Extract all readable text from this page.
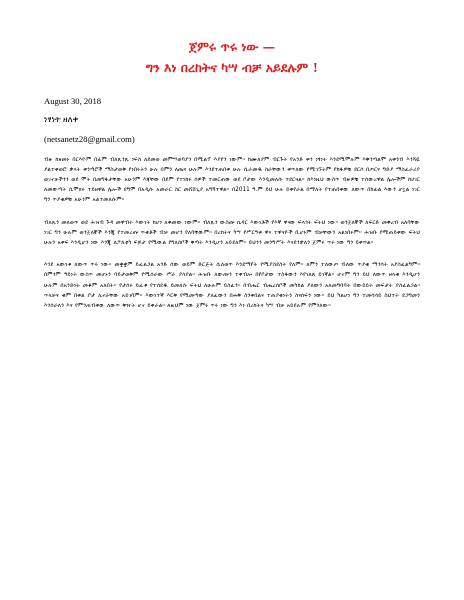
ጀምሩ ጥሩ ነው —
ግን እነ በረከትና ካሣ ብቻ አይደሉም !
August 30, 2018
ነፃነት ዘለቀ
(netsanetz28@gmail.com)

ብዙ ከዘመኑ በርእዮም በፊም ብለጹንጹ ነፍስ ለደመወ መምሣወባያን በሚልፕ እያየን ነውም። ከሙለያም ብርጉት የአንድ ቀን ነፃነት እንደሚሞሉም እቅንጣልሞ አቀንብ እንሻዪ ያልተቀወሮ ቃላት ቀንጣሮች ማስታወቅ የነበሩትን ሁሉ በምን ለጤና ሁሉም እንደተጠበቀ ሁሉ ሲራመዱ ስራቸውን ቀጥለው የሚገኙትም የከፋዎቹ ደርሶ በጦርና ግድያ ማስፈራሪያ ወገኖቻችንን ወደ ሞት በመግፋታቸው አሁንም እጃቸው በደም የተነከሩ ሰዎች ተመርጠው ወደ ቦታው እንዲመለሱ ተደርጓል። ከእነዚህ ውስጥ ብዙዎቹ ተሰውረዋል ሌሎችም ከሀገር ለመውጣት ሲሞክሩ ተይዘዋል ሌሎች ደግሞ በአዲሱ አመራር ስር መሸሸጊያ አግኝተዋል። በ2011 ዓ.ም ይህ ሁሉ ይቀየራል በማለት የተጠበቀው ለውጥ በከፊል እውን ሆኗል ነገር ግን ጥያቄዎቹ አሁንም አልተመለሱም።

ብለጹን መለወጥ ወደ ሕዝብ ጉዳ መዋብት እውነት ከሆነ ለቀመው ነውም። ብለጹን ውስጡ ኪዳር እውነቶች የእኛ ዋናው ፍላጎት ፍትህ ነው። ወንጀለኞች ለፍርድ መቅረብ አለባቸው ነገር ግን ሁሉም ወንጀለኞች እንጂ የተመረጡ ጥቂቶች ብቻ መሆን የለባቸውም። በረከትና ካሣ የሥርዓቱ ዋና ተዋናዮች ቢሆኑም ብቻቸውን አልነበሩም። ሕዝቡ የሚጠይቀው ፍትህ ሁሉን አቀፍ እንዲሆን ነው እንጂ ለፖለቲካ ፍጆታ የሚውል የግለሰቦች ቅጣት እንዲሆን አይደለም። ይህንን መንግሥት እናደንቃለን ጀምሩ ጥሩ ነው ግን ይቀጥል።

እንደ አውነቱ ለውጥ ጥሩ ነው። መቋቋም ይፈልጋል አንድ ሰው ወይም ድርጅት ሲለወጥ እንደማየት የሚያስደስት የለም። ለምን ተለውጦ ብለው ጥያቄ ማንሳት አያስፈልግም። በምንም ዓይነት ውስጥ መሆኑን ባይታወቅም የሚሰራው ሥራ ያሳያል። ሕዝቡ ለውጡን ተቀብሎ በየቦታው ተስፋውን እየገለጸ ይገኛል። ሆኖም ግን ይህ ለውጥ ዘላቂ እንዲሆን ሁሉም በአንድነት መቆም አለበት። የታሰሩ ይፈቱ የተሰደዱ ይመለሱ ፍትህ ለሁሉም ይስፈን። በብሔር ብሔረሰቦች መካከል ያለውን አለመግባባት በውይይት መፍታት ያስፈልጋል። ጥላቻና ቂም በቀል ቦታ ሊኖራቸው አይገባም። እውነተኛ እርቅ የሚመጣው ያለፈውን በሐቅ ስንቀበልና ተጠያቂነትን ስናሰፍን ነው። ይህ ካልሆነ ግን ተመሳሳይ ስህተት ደጋግመን እንሰራለን እና የምንጠብቀው ለውጥ ቅዠት ሆኖ ይቀራል። ለዚህም ነው ጀምሩ ጥሩ ነው ግን እነ በረከትና ካሣ ብቻ አይደሉም የምንለው።
